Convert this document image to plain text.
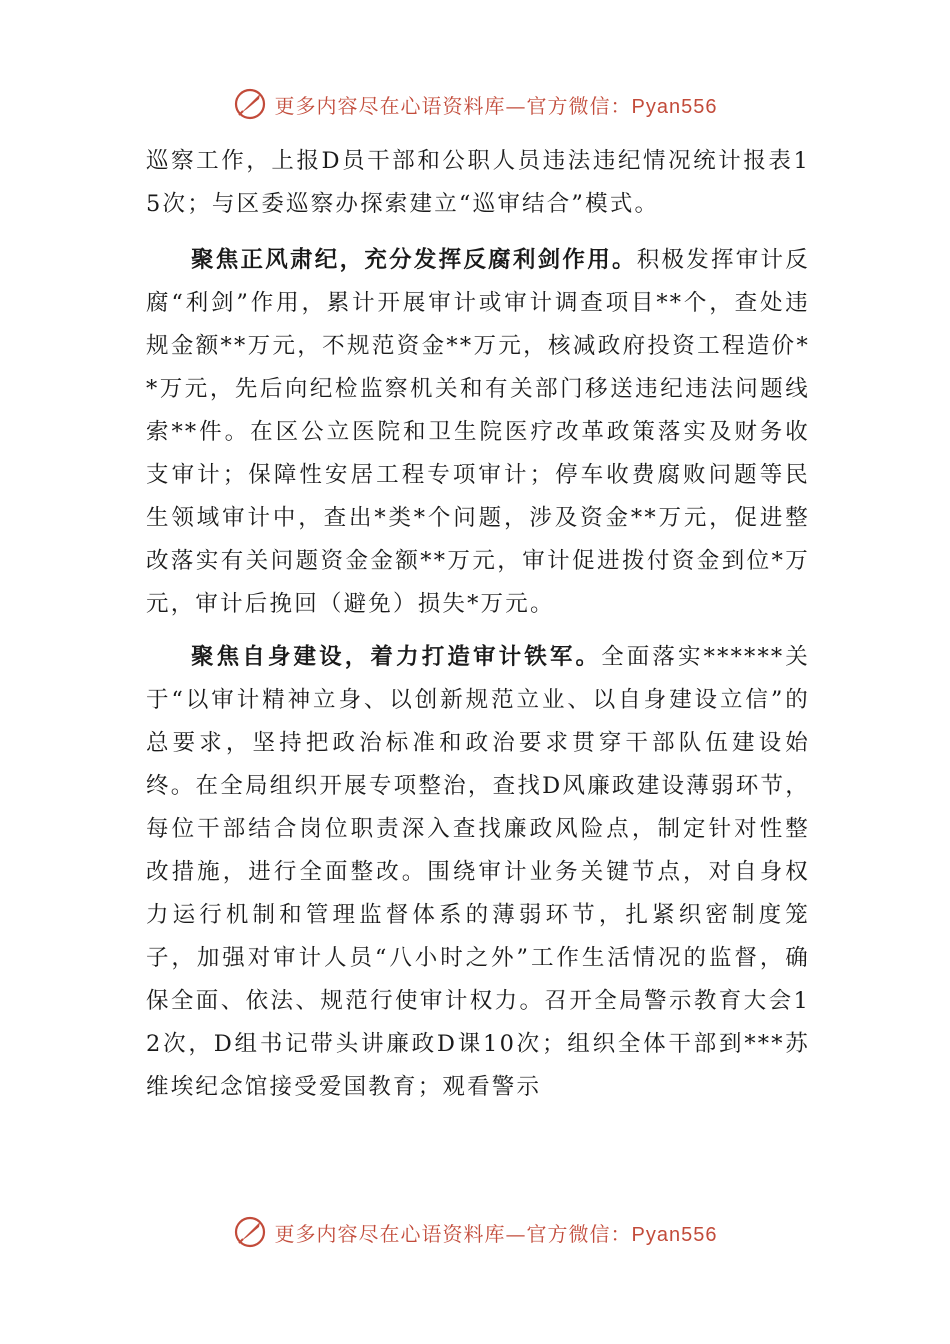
更多内容尽在心语资料库—官方微信：Pyan556

巡察工作，上报D员干部和公职人员违法违纪情况统计报表15次；与区委巡察办探索建立“巡审结合”模式。

聚焦正风肃纪，充分发挥反腐利剑作用。积极发挥审计反腐“利剑”作用，累计开展审计或审计调查项目**个，查处违规金额**万元，不规范资金**万元，核减政府投资工程造价**万元，先后向纪检监察机关和有关部门移送违纪违法问题线索**件。在区公立医院和卫生院医疗改革政策落实及财务收支审计；保障性安居工程专项审计；停车收费腐败问题等民生领域审计中，查出*类*个问题，涉及资金**万元，促进整改落实有关问题资金金额**万元，审计促进拨付资金到位*万元，审计后挽回（避免）损失*万元。

聚焦自身建设，着力打造审计铁军。全面落实******关于“以审计精神立身、以创新规范立业、以自身建设立信”的总要求，坚持把政治标准和政治要求贯穿干部队伍建设始终。在全局组织开展专项整治，查找D风廉政建设薄弱环节，每位干部结合岗位职责深入查找廉政风险点，制定针对性整改措施，进行全面整改。围绕审计业务关键节点，对自身权力运行机制和管理监督体系的薄弱环节，扎紧织密制度笼子，加强对审计人员“八小时之外”工作生活情况的监督，确保全面、依法、规范行使审计权力。召开全局警示教育大会12次，D组书记带头讲廉政D课10次；组织全体干部到***苏维埃纪念馆接受爱国教育；观看警示

更多内容尽在心语资料库—官方微信：Pyan556
